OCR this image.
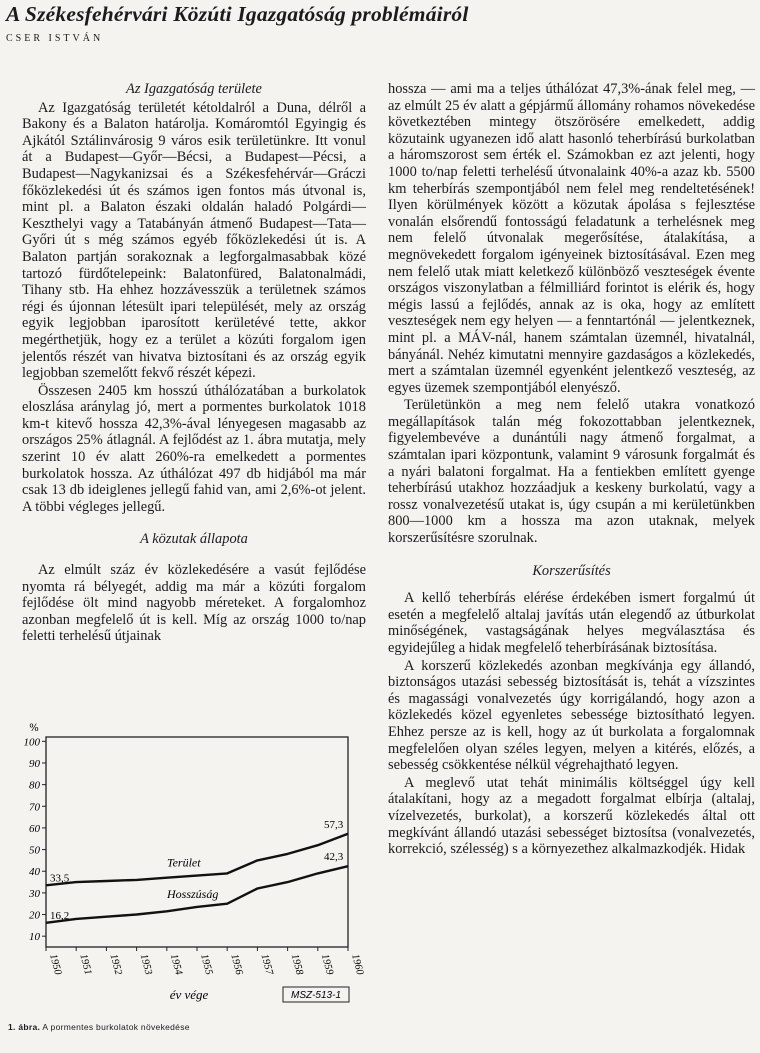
A Székesfehérvári Közúti Igazgatóság problémáiról
CSER ISTVÁN
Az Igazgatóság területe

Az Igazgatóság területét kétoldalról a Duna, délről a Bakony és a Balaton határolja. Komáromtól Egyingig és Ajkától Sztálinvárosig 9 város esik területünkre. Itt vonul át a Budapest—Győr—Bécsi, a Budapest—Pécsi, a Budapest—Nagykanizsai és a Székesfehérvár—Gráczi főközlekedési út és számos igen fontos más útvonal is, mint pl. a Balaton északi oldalán haladó Polgárdi—Keszthelyi vagy a Tatabányán átmenő Budapest—Tata—Győri út s még számos egyéb főközlekedési út is. A Balaton partján sorakoznak a legforgalmasabbak közé tartozó fürdőtelepeink: Balatonfüred, Balatonalmádi, Tihany stb. Ha ehhez hozzávesszük a területnek számos régi és újonnan létesült ipari települését, mely az ország egyik legjobban iparosított kerületévé tette, akkor megérthetjük, hogy ez a terület a közúti forgalom igen jelentős részét van hivatva biztosítani és az ország egyik legjobban szemelőtt fekvő részét képezi.

Összesen 2405 km hosszú úthálózatában a burkolatok eloszlása aránylag jó, mert a pormentes burkolatok 1018 km-t kitevő hossza 42,3%-ával lényegesen magasabb az országos 25% átlagnál. A fejlődést az 1. ábra mutatja, mely szerint 10 év alatt 260%-ra emelkedett a pormentes burkolatok hossza. Az úthálózat 497 db hidjából ma már csak 13 db ideiglenes jellegű fahid van, ami 2,6%-ot jelent. A többi végleges jellegű.

A közutak állapota

Az elmúlt száz év közlekedésére a vasút fejlődése nyomta rá bélyegét, addig ma már a közúti forgalom fejlődése ölt mind nagyobb méreteket. A forgalomhoz azonban megfelelő út is kell. Míg az ország 1000 to/nap feletti terhelésű útjainak

%
10
20
30
40
50
60
70
80
90
100
1950 1951 1952 1953 1954 1955 1956 1957 1958 1959 1960
év vége
33,5
57,3
Terület
16,2
42,3
Hosszúság
MSZ-513-1
1. ábra. A pormentes burkolatok növekedése

hossza — ami ma a teljes úthálózat 47,3%-ának felel meg, — az elmúlt 25 év alatt a gépjármű állomány rohamos növekedése következtében mintegy ötszörösére emelkedett, addig közutaink ugyanezen idő alatt hasonló teherbírású burkolatban a háromszorost sem érték el. Számokban ez azt jelenti, hogy 1000 to/nap feletti terhelésű útvonalaink 40%-a azaz kb. 5500 km teherbírás szempontjából nem felel meg rendeltetésének! Ilyen körülmények között a közutak ápolása s fejlesztése vonalán elsőrendű fontosságú feladatunk a terhelésnek meg nem felelő útvonalak megerősítése, átalakítása, a megnövekedett forgalom igényeinek biztosításával. Ezen meg nem felelő utak miatt keletkező különböző veszteségek évente országos viszonylatban a félmilliárd forintot is elérik és, hogy mégis lassú a fejlődés, annak az is oka, hogy az említett veszteségek nem egy helyen — a fenntartónál — jelentkeznek, mint pl. a MÁV-nál, hanem számtalan üzemnél, hivatalnál, bányánál. Nehéz kimutatni mennyire gazdaságos a közlekedés, mert a számtalan üzemnél egyenként jelentkező veszteség, az egyes üzemek szempontjából elenyésző.

Területünkön a meg nem felelő utakra vonatkozó megállapítások talán még fokozottabban jelentkeznek, figyelembevéve a dunántúli nagy átmenő forgalmat, a számtalan ipari központunk, valamint 9 városunk forgalmát és a nyári balatoni forgalmat. Ha a fentiekben említett gyenge teherbírású utakhoz hozzáadjuk a keskeny burkolatú, vagy a rossz vonalvezetésű utakat is, úgy csupán a mi kerületünkben 800—1000 km a hossza ma azon utaknak, melyek korszerűsítésre szorulnak.

Korszerűsítés

A kellő teherbírás elérése érdekében ismert forgalmú út esetén a megfelelő altalaj javítás után elegendő az útburkolat minőségének, vastagságának helyes megválasztása és egyidejűleg a hidak megfelelő teherbírásának biztosítása.

A korszerű közlekedés azonban megkívánja egy állandó, biztonságos utazási sebesség biztosítását is, tehát a vízszintes és magassági vonalvezetés úgy korrigálandó, hogy azon a közlekedés közel egyenletes sebessége biztosítható legyen. Ehhez persze az is kell, hogy az út burkolata a forgalomnak megfelelően olyan széles legyen, melyen a kitérés, előzés, a sebesség csökkentése nélkül végrehajtható legyen.

A meglevő utat tehát minimális költséggel úgy kell átalakítani, hogy az a megadott forgalmat elbírja (altalaj, vízelvezetés, burkolat), a korszerű közlekedés által ott megkívánt állandó utazási sebességet biztosítsa (vonalvezetés, korrekció, szélesség) s a környezethez alkalmazkodjék. Hidak
